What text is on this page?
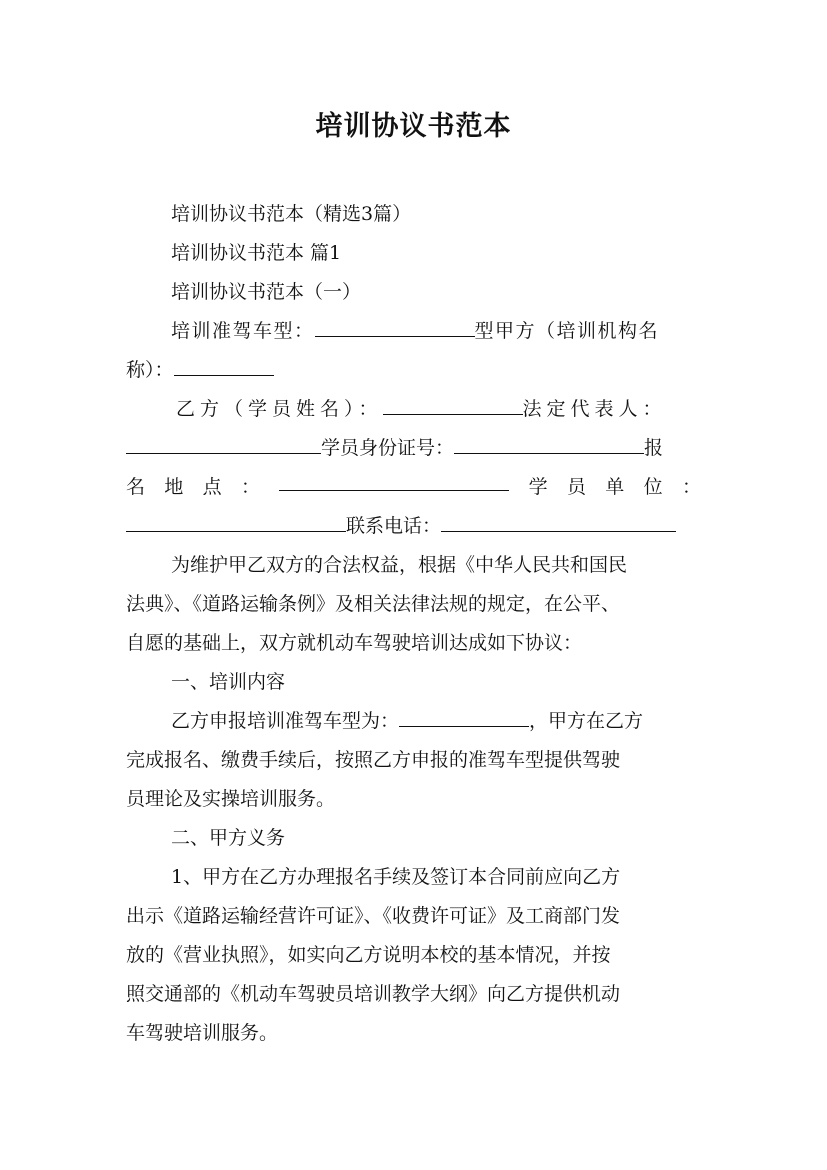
培训协议书范本
培训协议书范本（精选3篇）
培训协议书范本 篇1
培训协议书范本（一）
培训准驾车型：	型甲方（培训机构名
称）：
乙方（学员姓名）：	法定代表人：
学员身份证号：	报
名 地 点 ：	学 员 单 位 ：
联系电话：
为维护甲乙双方的合法权益，根据《中华人民共和国民
法典》、《道路运输条例》及相关法律法规的规定，在公平、
自愿的基础上，双方就机动车驾驶培训达成如下协议：
一、培训内容
乙方申报培训准驾车型为：	，甲方在乙方
完成报名、缴费手续后，按照乙方申报的准驾车型提供驾驶
员理论及实操培训服务。
二、甲方义务
1、甲方在乙方办理报名手续及签订本合同前应向乙方
出示《道路运输经营许可证》、《收费许可证》及工商部门发
放的《营业执照》，如实向乙方说明本校的基本情况，并按
照交通部的《机动车驾驶员培训教学大纲》向乙方提供机动
车驾驶培训服务。
